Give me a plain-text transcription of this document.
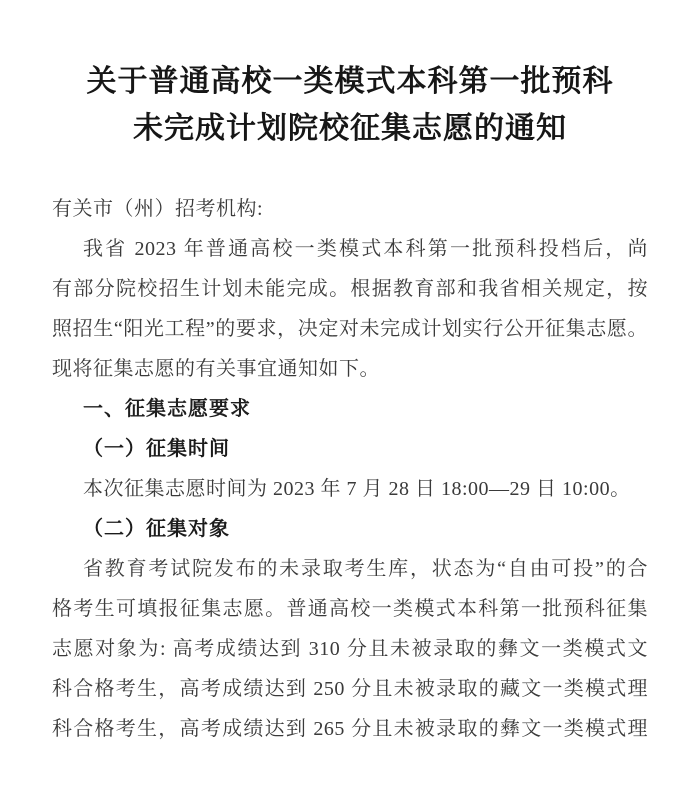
关于普通高校一类模式本科第一批预科
未完成计划院校征集志愿的通知
有关市（州）招考机构:
我省 2023 年普通高校一类模式本科第一批预科投档后，尚
有部分院校招生计划未能完成。根据教育部和我省相关规定，按
照招生“阳光工程”的要求，决定对未完成计划实行公开征集志愿。
现将征集志愿的有关事宜通知如下。
一、征集志愿要求
（一）征集时间
本次征集志愿时间为 2023 年 7 月 28 日 18:00—29 日 10:00。
（二）征集对象
省教育考试院发布的未录取考生库，状态为“自由可投”的合
格考生可填报征集志愿。普通高校一类模式本科第一批预科征集
志愿对象为: 高考成绩达到 310 分且未被录取的彝文一类模式文
科合格考生，高考成绩达到 250 分且未被录取的藏文一类模式理
科合格考生，高考成绩达到 265 分且未被录取的彝文一类模式理
